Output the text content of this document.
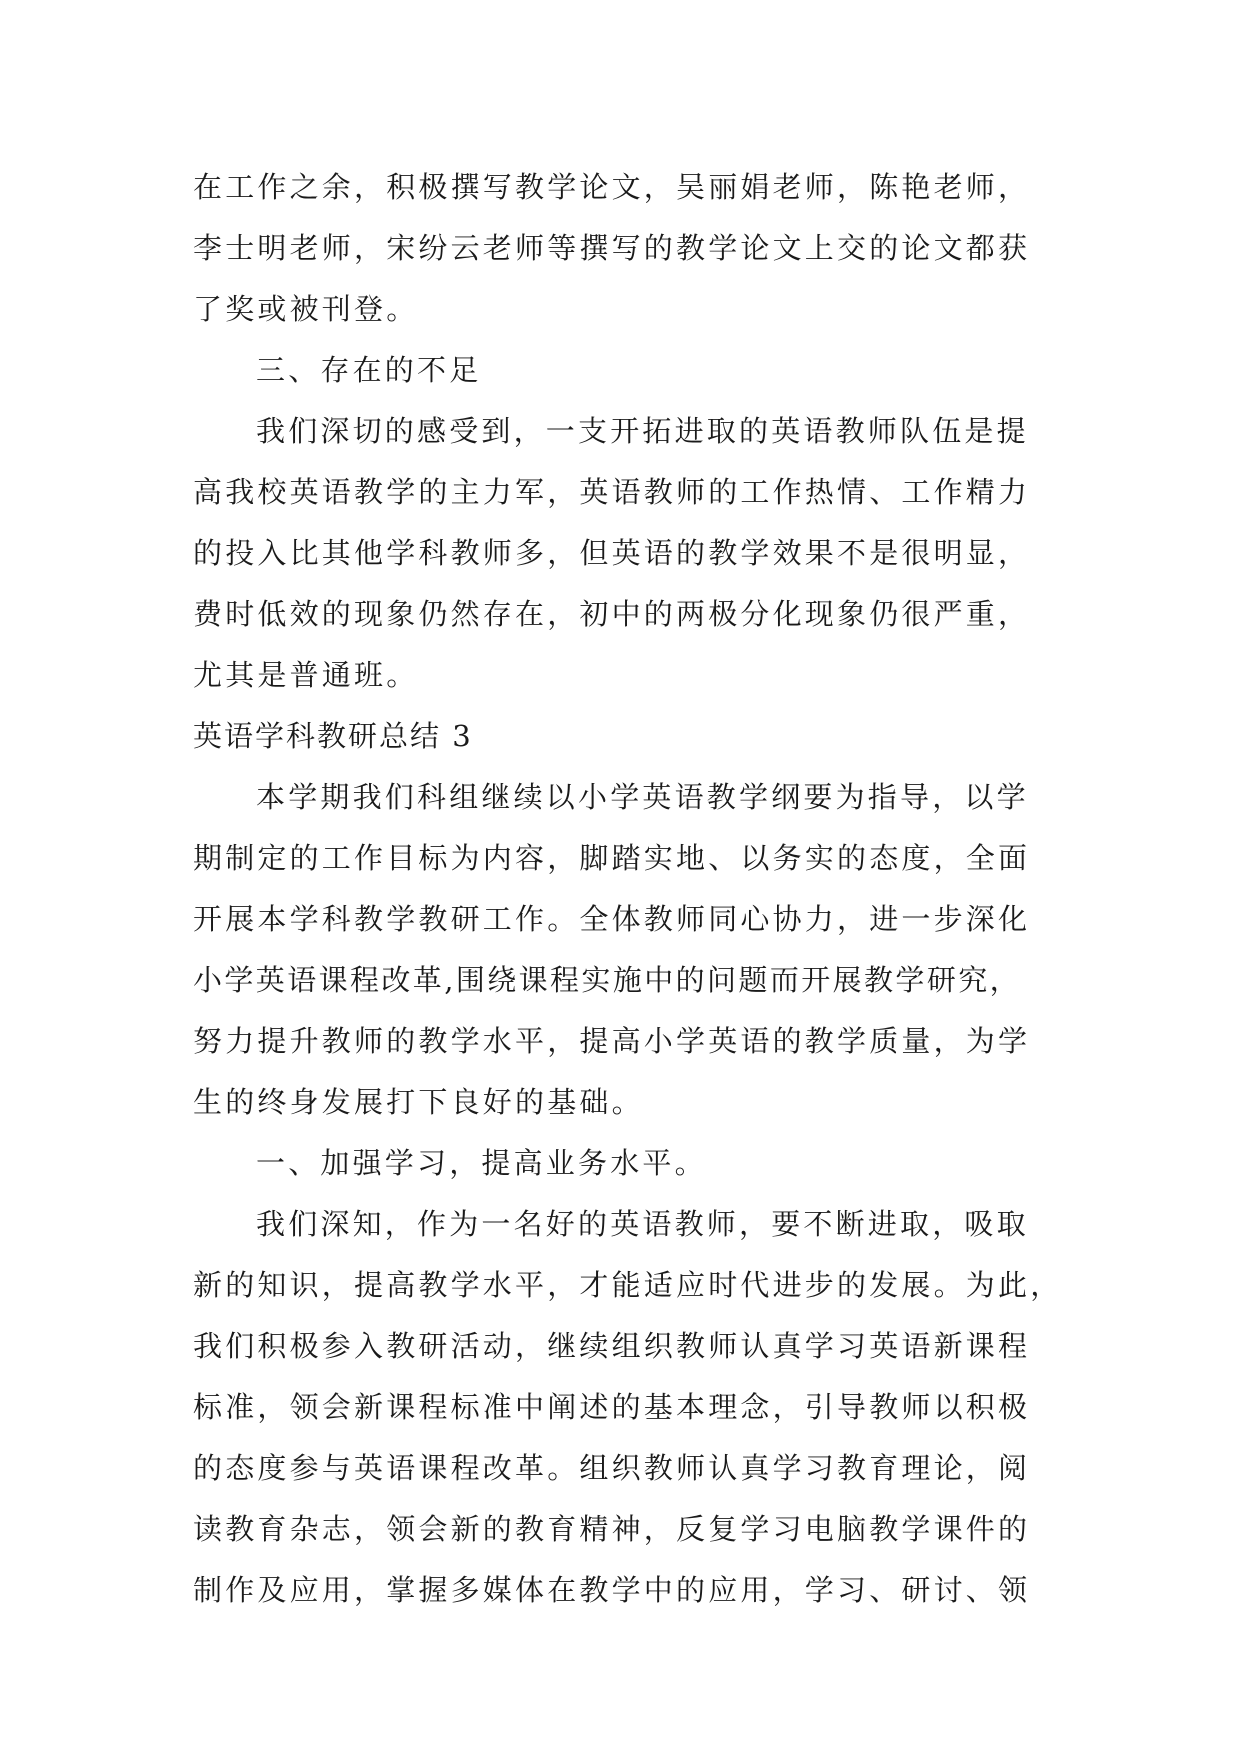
在工作之余，积极撰写教学论文，吴丽娟老师，陈艳老师，
李士明老师，宋纷云老师等撰写的教学论文上交的论文都获
了奖或被刊登。
三、存在的不足
我们深切的感受到，一支开拓进取的英语教师队伍是提
高我校英语教学的主力军，英语教师的工作热情、工作精力
的投入比其他学科教师多，但英语的教学效果不是很明显，
费时低效的现象仍然存在，初中的两极分化现象仍很严重，
尤其是普通班。
英语学科教研总结 3
本学期我们科组继续以小学英语教学纲要为指导，以学
期制定的工作目标为内容，脚踏实地、以务实的态度，全面
开展本学科教学教研工作。全体教师同心协力，进一步深化
小学英语课程改革,围绕课程实施中的问题而开展教学研究，
努力提升教师的教学水平，提高小学英语的教学质量，为学
生的终身发展打下良好的基础。
一、加强学习，提高业务水平。
我们深知，作为一名好的英语教师，要不断进取，吸取
新的知识，提高教学水平，才能适应时代进步的发展。为此，
我们积极参入教研活动，继续组织教师认真学习英语新课程
标准，领会新课程标准中阐述的基本理念，引导教师以积极
的态度参与英语课程改革。组织教师认真学习教育理论，阅
读教育杂志，领会新的教育精神，反复学习电脑教学课件的
制作及应用，掌握多媒体在教学中的应用，学习、研讨、领
